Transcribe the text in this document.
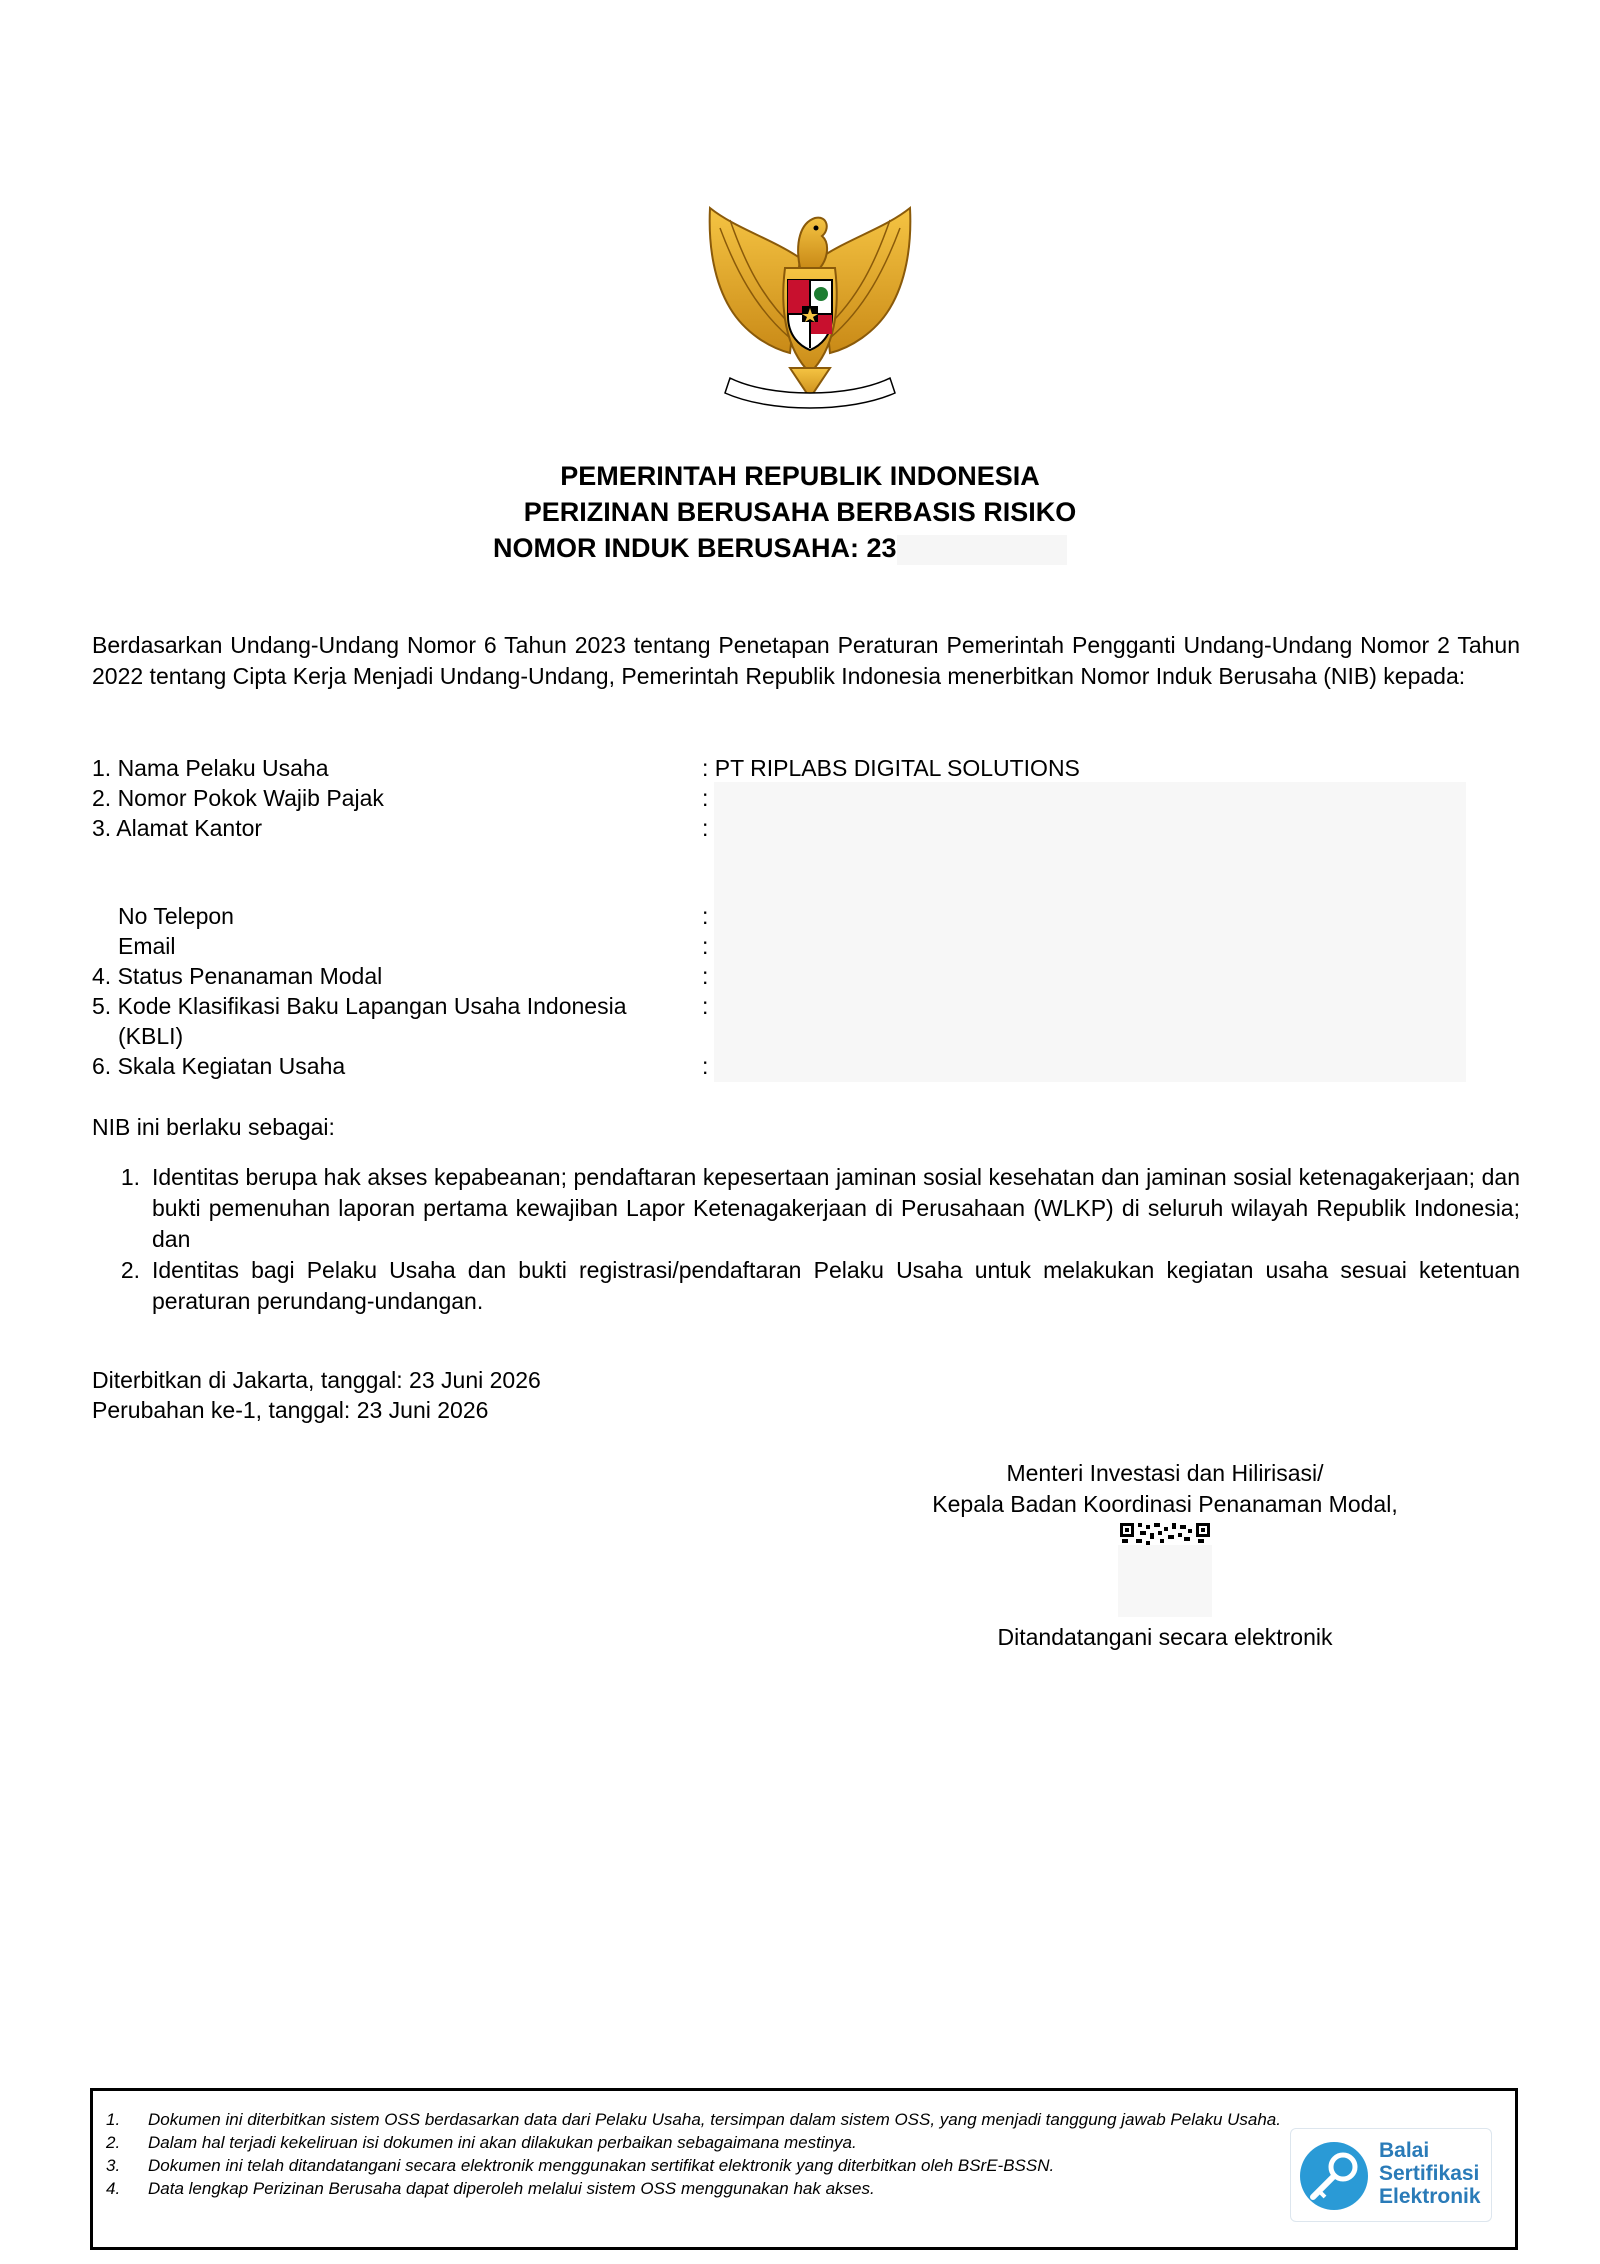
PEMERINTAH REPUBLIK INDONESIA
PERIZINAN BERUSAHA BERBASIS RISIKO
NOMOR INDUK BERUSAHA: 23
Berdasarkan Undang-Undang Nomor 6 Tahun 2023 tentang Penetapan Peraturan Pemerintah Pengganti Undang-Undang Nomor 2 Tahun 2022 tentang Cipta Kerja Menjadi Undang-Undang, Pemerintah Republik Indonesia menerbitkan Nomor Induk Berusaha (NIB) kepada:
1. Nama Pelaku Usaha	: PT RIPLABS DIGITAL SOLUTIONS
2. Nomor Pokok Wajib Pajak	:
3. Alamat Kantor	:
No Telepon	:
Email	:
4. Status Penanaman Modal	:
5. Kode Klasifikasi Baku Lapangan Usaha Indonesia	:
(KBLI)
6. Skala Kegiatan Usaha	:
NIB ini berlaku sebagai:
1. Identitas berupa hak akses kepabeanan; pendaftaran kepesertaan jaminan sosial kesehatan dan jaminan sosial ketenagakerjaan; dan bukti pemenuhan laporan pertama kewajiban Lapor Ketenagakerjaan di Perusahaan (WLKP) di seluruh wilayah Republik Indonesia; dan
2. Identitas bagi Pelaku Usaha dan bukti registrasi/pendaftaran Pelaku Usaha untuk melakukan kegiatan usaha sesuai ketentuan peraturan perundang-undangan.
Diterbitkan di Jakarta, tanggal: 23 Juni 2026
Perubahan ke-1, tanggal: 23 Juni 2026
Menteri Investasi dan Hilirisasi/
Kepala Badan Koordinasi Penanaman Modal,
Ditandatangani secara elektronik
1.	Dokumen ini diterbitkan sistem OSS berdasarkan data dari Pelaku Usaha, tersimpan dalam sistem OSS, yang menjadi tanggung jawab Pelaku Usaha.
2.	Dalam hal terjadi kekeliruan isi dokumen ini akan dilakukan perbaikan sebagaimana mestinya.
3.	Dokumen ini telah ditandatangani secara elektronik menggunakan sertifikat elektronik yang diterbitkan oleh BSrE-BSSN.
4.	Data lengkap Perizinan Berusaha dapat diperoleh melalui sistem OSS menggunakan hak akses.
Balai
Sertifikasi
Elektronik
